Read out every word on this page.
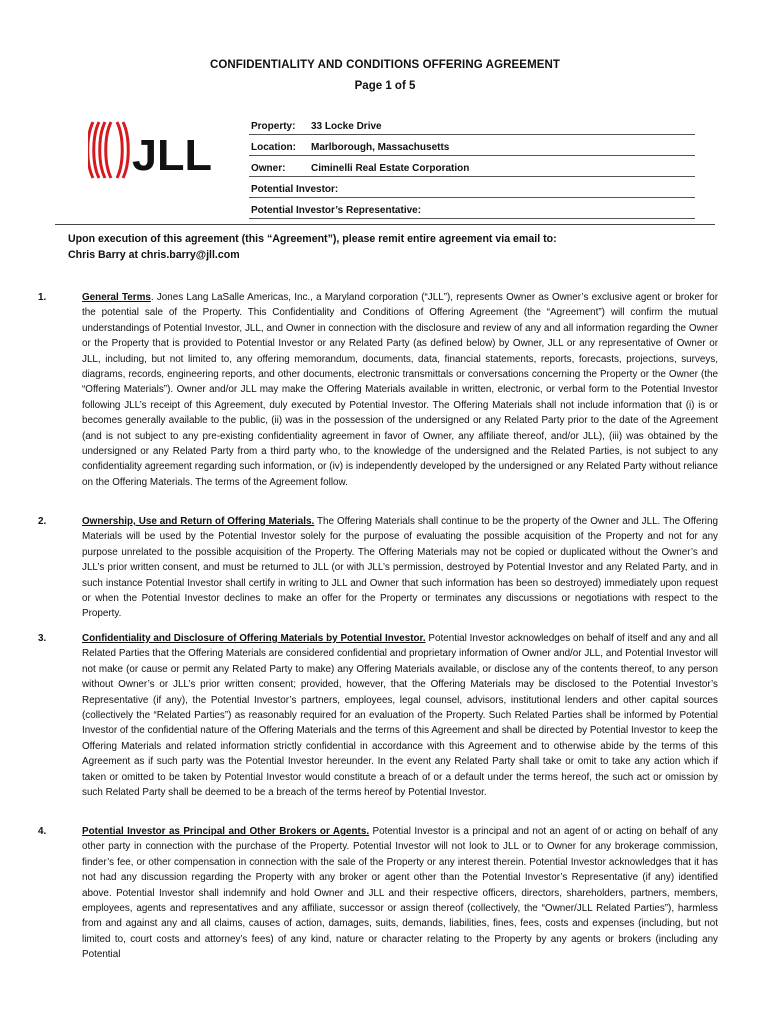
CONFIDENTIALITY AND CONDITIONS OFFERING AGREEMENT
Page 1 of 5
JLL
Property: 33 Locke Drive
Location: Marlborough, Massachusetts
Owner:	Ciminelli Real Estate Corporation
Potential Investor:
Potential Investor’s Representative:
Upon execution of this agreement (this “Agreement”), please remit entire agreement via email to:
Chris Barry at chris.barry@jll.com
1.	General Terms. Jones Lang LaSalle Americas, Inc., a Maryland corporation (“JLL”), represents Owner as Owner’s exclusive agent or broker for the potential sale of the Property. This Confidentiality and Conditions of Offering Agreement (the “Agreement”) will confirm the mutual understandings of Potential Investor, JLL, and Owner in connection with the disclosure and review of any and all information regarding the Owner or the Property that is provided to Potential Investor or any Related Party (as defined below) by Owner, JLL or any representative of Owner or JLL, including, but not limited to, any offering memorandum, documents, data, financial statements, reports, forecasts, projections, surveys, diagrams, records, engineering reports, and other documents, electronic transmittals or conversations concerning the Property or the Owner (the “Offering Materials”). Owner and/or JLL may make the Offering Materials available in written, electronic, or verbal form to the Potential Investor following JLL’s receipt of this Agreement, duly executed by Potential Investor. The Offering Materials shall not include information that (i) is or becomes generally available to the public, (ii) was in the possession of the undersigned or any Related Party prior to the date of the Agreement (and is not subject to any pre-existing confidentiality agreement in favor of Owner, any affiliate thereof, and/or JLL), (iii) was obtained by the undersigned or any Related Party from a third party who, to the knowledge of the undersigned and the Related Parties, is not subject to any confidentiality agreement regarding such information, or (iv) is independently developed by the undersigned or any Related Party without reliance on the Offering Materials. The terms of the Agreement follow.
2.	Ownership, Use and Return of Offering Materials. The Offering Materials shall continue to be the property of the Owner and JLL. The Offering Materials will be used by the Potential Investor solely for the purpose of evaluating the possible acquisition of the Property and not for any purpose unrelated to the possible acquisition of the Property. The Offering Materials may not be copied or duplicated without the Owner’s and JLL’s prior written consent, and must be returned to JLL (or with JLL’s permission, destroyed by Potential Investor and any Related Party, and in such instance Potential Investor shall certify in writing to JLL and Owner that such information has been so destroyed) immediately upon request or when the Potential Investor declines to make an offer for the Property or terminates any discussions or negotiations with respect to the Property.
3.	Confidentiality and Disclosure of Offering Materials by Potential Investor. Potential Investor acknowledges on behalf of itself and any and all Related Parties that the Offering Materials are considered confidential and proprietary information of Owner and/or JLL, and Potential Investor will not make (or cause or permit any Related Party to make) any Offering Materials available, or disclose any of the contents thereof, to any person without Owner’s or JLL’s prior written consent; provided, however, that the Offering Materials may be disclosed to the Potential Investor’s Representative (if any), the Potential Investor’s partners, employees, legal counsel, advisors, institutional lenders and other capital sources (collectively the “Related Parties”) as reasonably required for an evaluation of the Property. Such Related Parties shall be informed by Potential Investor of the confidential nature of the Offering Materials and the terms of this Agreement and shall be directed by Potential Investor to keep the Offering Materials and related information strictly confidential in accordance with this Agreement and to otherwise abide by the terms of this Agreement as if such party was the Potential Investor hereunder. In the event any Related Party shall take or omit to take any action which if taken or omitted to be taken by Potential Investor would constitute a breach of or a default under the terms hereof, the such act or omission by such Related Party shall be deemed to be a breach of the terms hereof by Potential Investor.
4.	Potential Investor as Principal and Other Brokers or Agents. Potential Investor is a principal and not an agent of or acting on behalf of any other party in connection with the purchase of the Property. Potential Investor will not look to JLL or to Owner for any brokerage commission, finder’s fee, or other compensation in connection with the sale of the Property or any interest therein. Potential Investor acknowledges that it has not had any discussion regarding the Property with any broker or agent other than the Potential Investor’s Representative (if any) identified above. Potential Investor shall indemnify and hold Owner and JLL and their respective officers, directors, shareholders, partners, members, employees, agents and representatives and any affiliate, successor or assign thereof (collectively, the “Owner/JLL Related Parties”), harmless from and against any and all claims, causes of action, damages, suits, demands, liabilities, fines, fees, costs and expenses (including, but not limited to, court costs and attorney’s fees) of any kind, nature or character relating to the Property by any agents or brokers (including any Potential
